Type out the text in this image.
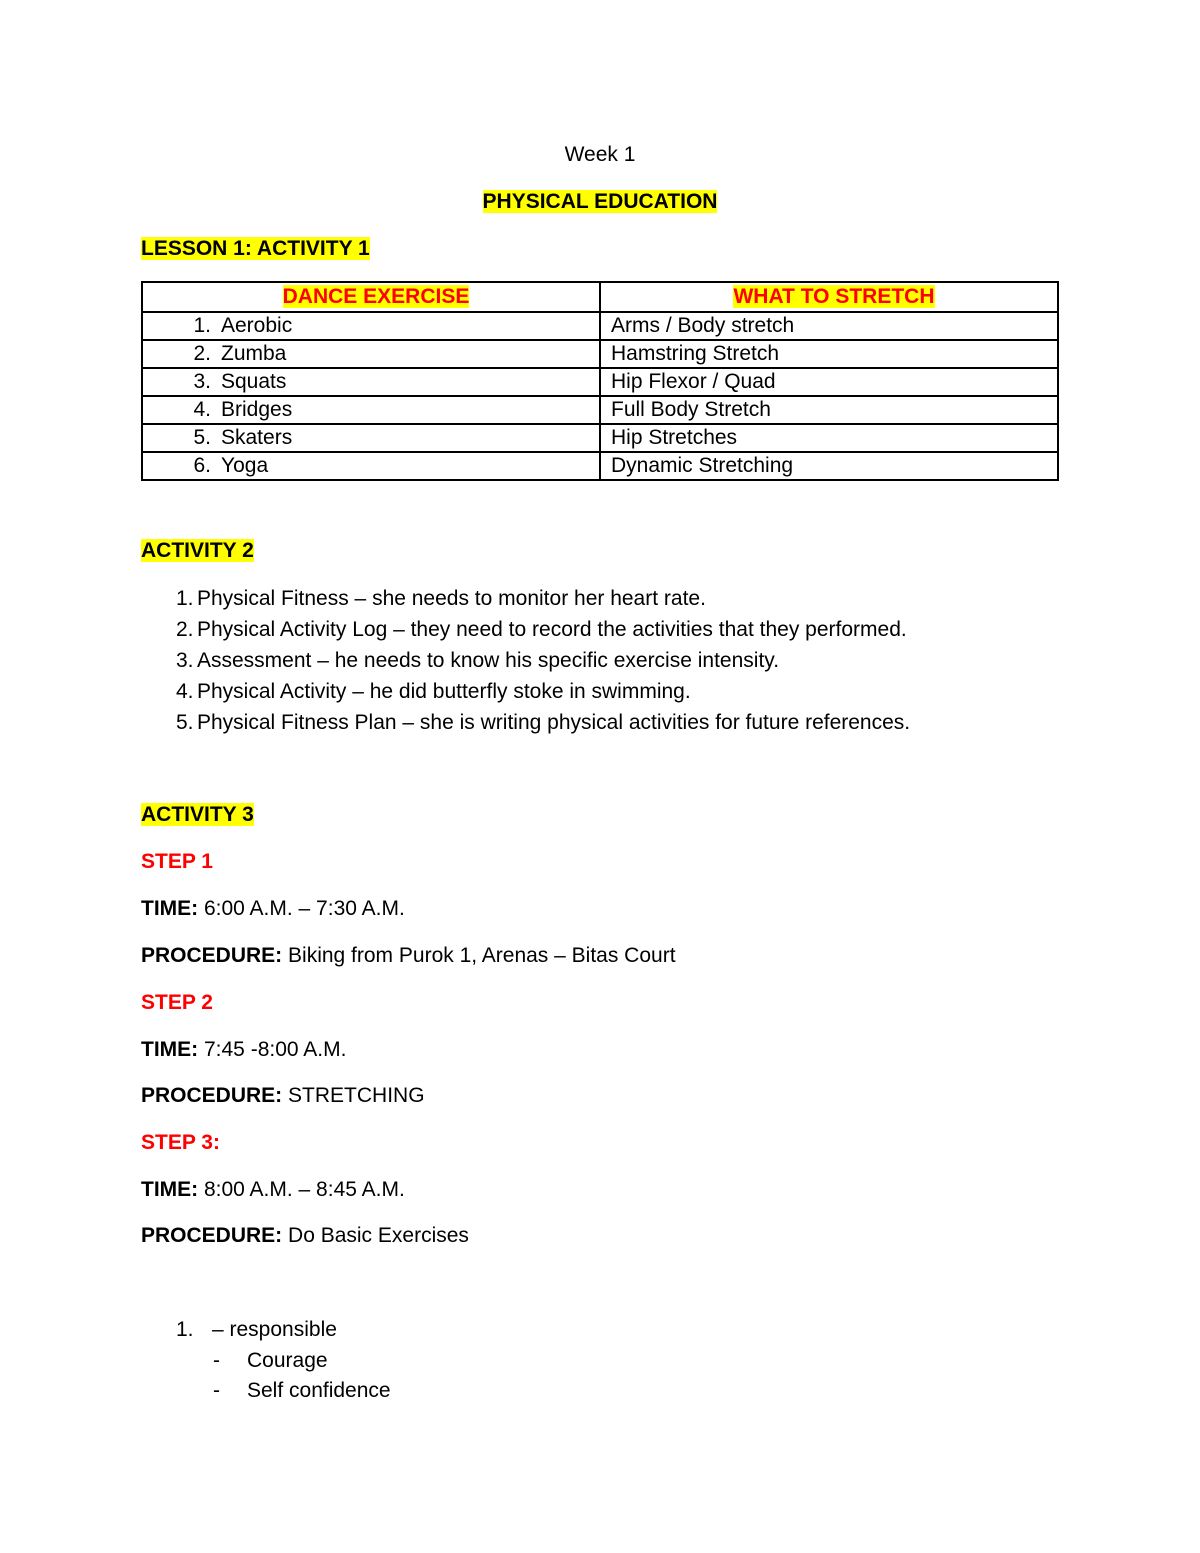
Week 1
PHYSICAL EDUCATION
LESSON 1: ACTIVITY 1
DANCE EXERCISE	WHAT TO STRETCH
1. Aerobic	Arms / Body stretch
2. Zumba	Hamstring Stretch
3. Squats	Hip Flexor / Quad
4. Bridges	Full Body Stretch
5. Skaters	Hip Stretches
6. Yoga	Dynamic Stretching
ACTIVITY 2
1. Physical Fitness – she needs to monitor her heart rate.
2. Physical Activity Log – they need to record the activities that they performed.
3. Assessment – he needs to know his specific exercise intensity.
4. Physical Activity – he did butterfly stoke in swimming.
5. Physical Fitness Plan – she is writing physical activities for future references.
ACTIVITY 3
STEP 1
TIME: 6:00 A.M. – 7:30 A.M.
PROCEDURE: Biking from Purok 1, Arenas – Bitas Court
STEP 2
TIME: 7:45 -8:00 A.M.
PROCEDURE: STRETCHING
STEP 3:
TIME: 8:00 A.M. – 8:45 A.M.
PROCEDURE: Do Basic Exercises
1. – responsible
- Courage
- Self confidence
